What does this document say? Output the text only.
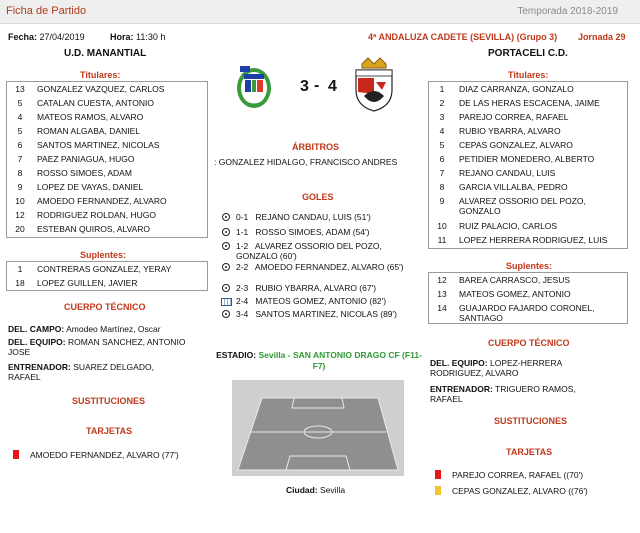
Ficha de Partido	Temporada 2018-2019
Fecha: 27/04/2019	Hora: 11:30 h	4ª ANDALUZA CADETE (SEVILLA) (Grupo 3) Jornada 29
U.D. MANANTIAL	PORTACELI C.D.
3 - 4
Titulares:
13	GONZALEZ VAZQUEZ, CARLOS
5	CATALAN CUESTA, ANTONIO
4	MATEOS RAMOS, ALVARO
5	ROMAN ALGABA, DANIEL
6	SANTOS MARTINEZ, NICOLAS
7	PAEZ PANIAGUA, HUGO
8	ROSSO SIMOES, ADAM
9	LOPEZ DE VAYAS, DANIEL
10	AMOEDO FERNANDEZ, ALVARO
12	RODRIGUEZ ROLDAN, HUGO
20	ESTEBAN QUIROS, ALVARO
Suplentes:
1	CONTRERAS GONZALEZ, YERAY
18	LOPEZ GUILLEN, JAVIER
CUERPO TÉCNICO
DEL. CAMPO: Amodeo Martínez, Oscar
DEL. EQUIPO: ROMAN SANCHEZ, ANTONIO JOSE
ENTRENADOR: SUAREZ DELGADO, RAFAEL
SUSTITUCIONES
TARJETAS
AMOEDO FERNANDEZ, ALVARO (77')
ÁRBITROS
: GONZALEZ HIDALGO, FRANCISCO ANDRES
GOLES
0-1 REJANO CANDAU, LUIS (51')
1-1 ROSSO SIMOES, ADAM (54')
1-2 ALVAREZ OSSORIO DEL POZO, GONZALO (60')
2-2 AMOEDO FERNANDEZ, ALVARO (65')
2-3 RUBIO YBARRA, ALVARO (67')
2-4 MATEOS GOMEZ, ANTONIO (82')
3-4 SANTOS MARTINEZ, NICOLAS (89')
ESTADIO: Sevilla - SAN ANTONIO DRAGO CF (F11-F7)
Ciudad: Sevilla
Titulares:
1	DIAZ CARRANZA, GONZALO
2	DE LAS HERAS ESCACENA, JAIME
3	PAREJO CORREA, RAFAEL
4	RUBIO YBARRA, ALVARO
5	CEPAS GONZALEZ, ALVARO
6	PETIDIER MONEDERO, ALBERTO
7	REJANO CANDAU, LUIS
8	GARCIA VILLALBA, PEDRO
9	ALVAREZ OSSORIO DEL POZO, GONZALO
10	RUIZ PALACIO, CARLOS
11	LOPEZ HERRERA RODRIGUEZ, LUIS
Suplentes:
12	BAREA CARRASCO, JESUS
13	MATEOS GOMEZ, ANTONIO
14	GUAJARDO FAJARDO CORONEL, SANTIAGO
CUERPO TÉCNICO
DEL. EQUIPO: LOPEZ-HERRERA RODRIGUEZ, ALVARO
ENTRENADOR: TRIGUERO RAMOS, RAFAEL
SUSTITUCIONES
TARJETAS
PAREJO CORREA, RAFAEL ((70')
CEPAS GONZALEZ, ALVARO ((76')
